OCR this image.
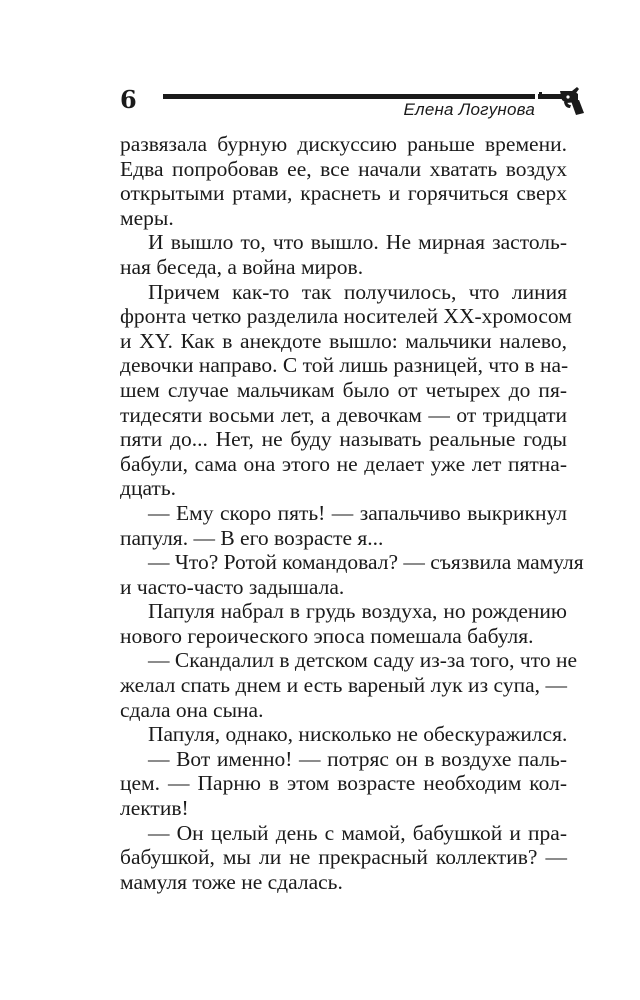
6	Елена Логунова
развязала бурную дискуссию раньше времени.
Едва попробовав ее, все начали хватать воздух
открытыми ртами, краснеть и горячиться сверх
меры.
И вышло то, что вышло. Не мирная застоль-
ная беседа, а война миров.
Причем как-то так получилось, что линия
фронта четко разделила носителей ХХ-хромосом
и ХY. Как в анекдоте вышло: мальчики налево,
девочки направо. С той лишь разницей, что в на-
шем случае мальчикам было от четырех до пя-
тидесяти восьми лет, а девочкам — от тридцати
пяти до... Нет, не буду называть реальные годы
бабули, сама она этого не делает уже лет пятна-
дцать.
— Ему скоро пять! — запальчиво выкрикнул
папуля. — В его возрасте я...
— Что? Ротой командовал? — съязвила мамуля
и часто-часто задышала.
Папуля набрал в грудь воздуха, но рождению
нового героического эпоса помешала бабуля.
— Скандалил в детском саду из-за того, что не
желал спать днем и есть вареный лук из супа, —
сдала она сына.
Папуля, однако, нисколько не обескуражился.
— Вот именно! — потряс он в воздухе паль-
цем. — Парню в этом возрасте необходим кол-
лектив!
— Он целый день с мамой, бабушкой и пра-
бабушкой, мы ли не прекрасный коллектив? —
мамуля тоже не сдалась.
